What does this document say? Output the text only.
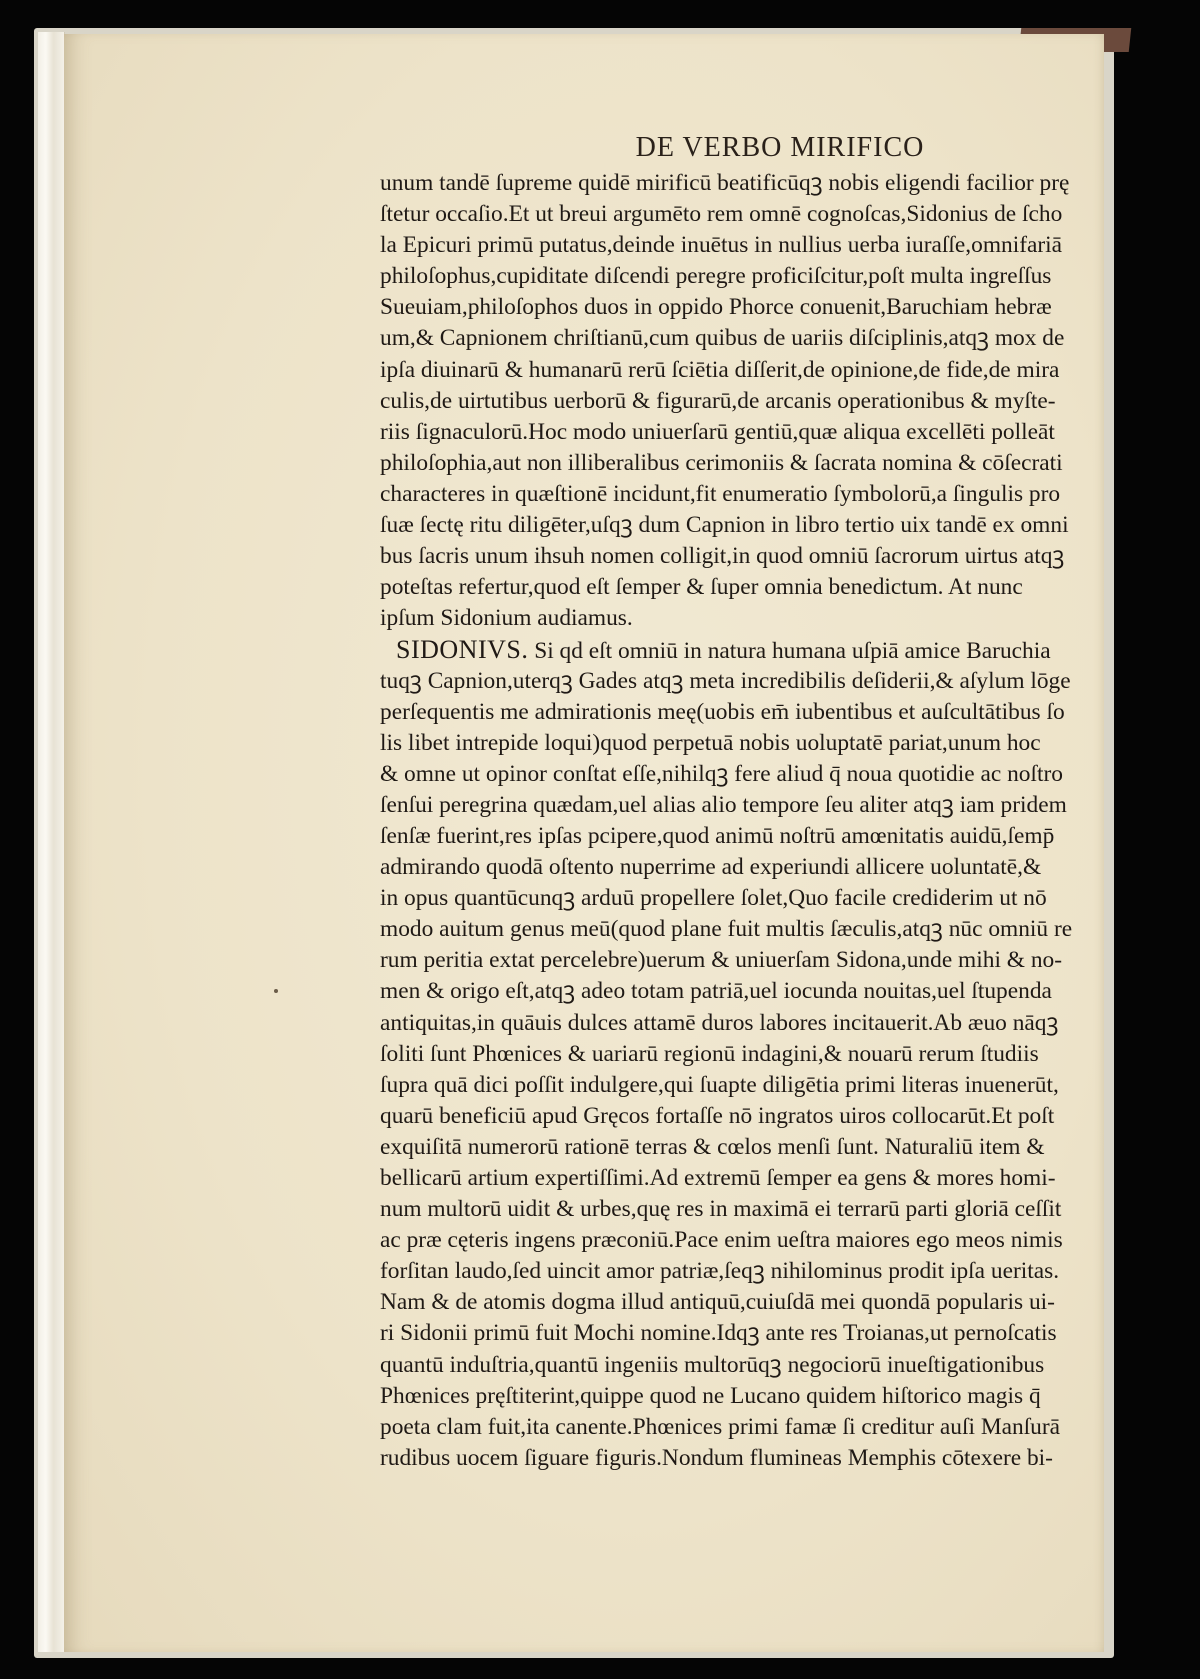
DE VERBO MIRIFICO
unum tandē ſupreme quidē mirificū beatificūqꝫ nobis eligendi facilior prę
ſtetur occaſio.Et ut breui argumēto rem omnē cognoſcas,Sidonius de ſcho
la Epicuri primū putatus,deinde inuētus in nullius uerba iuraſſe,omnifariā
philoſophus,cupiditate diſcendi peregre proficiſcitur,poſt multa ingreſſus
Sueuiam,philoſophos duos in oppido Phorce conuenit,Baruchiam hebræ
um,& Capnionem chriſtianū,cum quibus de uariis diſciplinis,atqꝫ mox de
ipſa diuinarū & humanarū rerū ſciētia diſſerit,de opinione,de fide,de mira
culis,de uirtutibus uerborū & figurarū,de arcanis operationibus & myſte-
riis ſignaculorū.Hoc modo uniuerſarū gentiū,quæ aliqua excellēti polleāt
philoſophia,aut non illiberalibus cerimoniis & ſacrata nomina & cōſecrati
characteres in quæſtionē incidunt,fit enumeratio ſymbolorū,a ſingulis pro
ſuæ ſectę ritu diligēter,uſqꝫ dum Capnion in libro tertio uix tandē ex omni
bus ſacris unum ihsuh nomen colligit,in quod omniū ſacrorum uirtus atqꝫ
poteſtas refertur,quod eſt ſemper & ſuper omnia benedictum. At nunc
ipſum Sidonium audiamus.
SIDONIVS. Si qd eſt omniū in natura humana uſpiā amice Baruchia
tuqꝫ Capnion,uterqꝫ Gades atqꝫ meta incredibilis deſiderii,& aſylum lōge
perſequentis me admirationis meę(uobis em̄ iubentibus et auſcultātibus ſo
lis libet intrepide loqui)quod perpetuā nobis uoluptatē pariat,unum hoc
& omne ut opinor conſtat eſſe,nihilqꝫ fere aliud q̄ noua quotidie ac noſtro
ſenſui peregrina quædam,uel alias alio tempore ſeu aliter atqꝫ iam pridem
ſenſæ fuerint,res ipſas pcipere,quod animū noſtrū amœnitatis auidū,ſemp̄
admirando quodā oſtento nuperrime ad experiundi allicere uoluntatē,&
in opus quantūcunqꝫ arduū propellere ſolet,Quo facile crediderim ut nō
modo auitum genus meū(quod plane fuit multis ſæculis,atqꝫ nūc omniū re
rum peritia extat percelebre)uerum & uniuerſam Sidona,unde mihi & no-
men & origo eſt,atqꝫ adeo totam patriā,uel iocunda nouitas,uel ſtupenda
antiquitas,in quāuis dulces attamē duros labores incitauerit.Ab æuo nāqꝫ
ſoliti ſunt Phœnices & uariarū regionū indagini,& nouarū rerum ſtudiis
ſupra quā dici poſſit indulgere,qui ſuapte diligētia primi literas inuenerūt,
quarū beneficiū apud Gręcos fortaſſe nō ingratos uiros collocarūt.Et poſt
exquiſitā numerorū rationē terras & cœlos menſi ſunt. Naturaliū item &
bellicarū artium expertiſſimi.Ad extremū ſemper ea gens & mores homi-
num multorū uidit & urbes,quę res in maximā ei terrarū parti gloriā ceſſit
ac præ cęteris ingens præconiū.Pace enim ueſtra maiores ego meos nimis
forſitan laudo,ſed uincit amor patriæ,ſeqꝫ nihilominus prodit ipſa ueritas.
Nam & de atomis dogma illud antiquū,cuiuſdā mei quondā popularis ui-
ri Sidonii primū fuit Mochi nomine.Idqꝫ ante res Troianas,ut pernoſcatis
quantū induſtria,quantū ingeniis multorūqꝫ negociorū inueſtigationibus
Phœnices pręſtiterint,quippe quod ne Lucano quidem hiſtorico magis q̄
poeta clam fuit,ita canente.Phœnices primi famæ ſi creditur auſi Manſurā
rudibus uocem ſiguare figuris.Nondum flumineas Memphis cōtexere bi-
